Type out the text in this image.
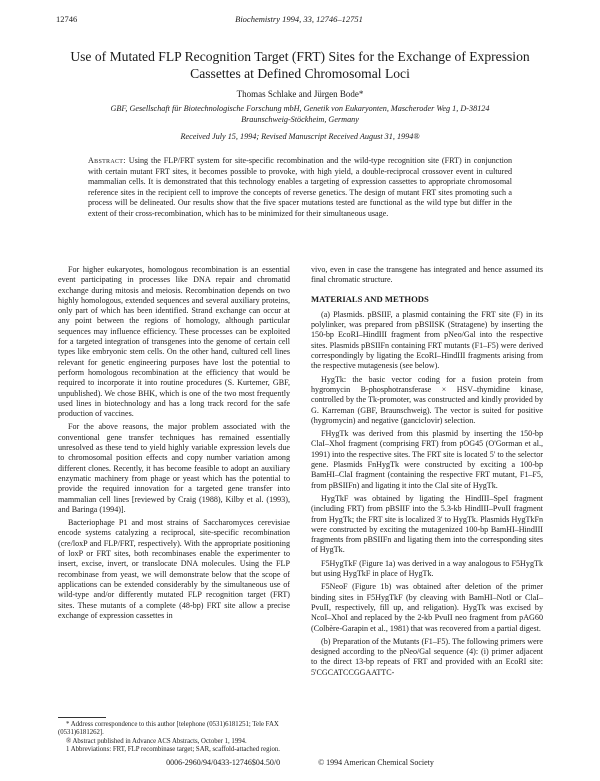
12746	Biochemistry 1994, 33, 12746–12751
Use of Mutated FLP Recognition Target (FRT) Sites for the Exchange of Expression Cassettes at Defined Chromosomal Loci
Thomas Schlake and Jürgen Bode*
GBF, Gesellschaft für Biotechnologische Forschung mbH, Genetik von Eukaryonten, Mascheroder Weg 1, D-38124 Braunschweig-Stöckheim, Germany
Received July 15, 1994; Revised Manuscript Received August 31, 1994®
Abstract: Using the FLP/FRT system for site-specific recombination and the wild-type recognition site (FRT) in conjunction with certain mutant FRT sites, it becomes possible to provoke, with high yield, a double-reciprocal crossover event in cultured mammalian cells. It is demonstrated that this technology enables a targeting of expression cassettes to appropriate chromosomal reference sites in the recipient cell to improve the concepts of reverse genetics. The design of mutant FRT sites promoting such a process will be delineated. Our results show that the five spacer mutations tested are functional as the wild type but differ in the extent of their cross-recombination, which has to be minimized for their simultaneous usage.

For higher eukaryotes, homologous recombination is an essential event participating in processes like DNA repair and chromatid exchange during mitosis and meiosis. Recombination depends on two highly homologous, extended sequences and several auxiliary proteins, only part of which has been identified. Strand exchange can occur at any point between the regions of homology, although particular sequences may influence efficiency. These processes can be exploited for a targeted integration of transgenes into the genome of certain cell types like embryonic stem cells. On the other hand, cultured cell lines relevant for genetic engineering purposes have lost the potential to perform homologous recombination at the efficiency that would be required to incorporate it into routine procedures (S. Kurtemer, GBF, unpublished). We chose BHK, which is one of the two most frequently used lines in biotechnology and has a long track record for the safe production of vaccines.

For the above reasons, the major problem associated with the conventional gene transfer techniques has remained essentially unresolved as these tend to yield highly variable expression levels due to chromosomal position effects and copy number variation among different clones. Recently, it has become feasible to adopt an auxiliary enzymatic machinery from phage or yeast which has the potential to provide the required innovation for a targeted gene transfer into mammalian cell lines [reviewed by Craig (1988), Kilby et al. (1993), and Baringa (1994)].

Bacteriophage P1 and most strains of Saccharomyces cerevisiae encode systems catalyzing a reciprocal, site-specific recombination (cre/loxP and FLP/FRT, respectively). With the appropriate positioning of loxP or FRT sites, both recombinases enable the experimenter to insert, excise, invert, or translocate DNA molecules. Using the FLP recombinase from yeast, we will demonstrate below that the scope of applications can be extended considerably by the simultaneous use of wild-type and/or differently mutated FLP recognition target (FRT) sites. These mutants of a complete (48-bp) FRT site allow a precise exchange of expression cassettes in

vivo, even in case the transgene has integrated and hence assumed its final chromatic structure.

MATERIALS AND METHODS

(a) Plasmids. pBSIIF, a plasmid containing the FRT site (F) in its polylinker, was prepared from pBSIISK (Stratagene) by inserting the 150-bp EcoRI–HindIII fragment from pNeo/Gal into the respective sites. Plasmids pBSIIFn containing FRT mutants (F1–F5) were derived correspondingly by ligating the EcoRI–HindIII fragments arising from the respective mutagenesis (see below).

HygTk: the basic vector coding for a fusion protein from hygromycin B-phosphotransferase × HSV–thymidine kinase, controlled by the Tk-promoter, was constructed and kindly provided by G. Karreman (GBF, Braunschweig). The vector is suited for positive (hygromycin) and negative (ganciclovir) selection.

FHygTk was derived from this plasmid by inserting the 150-bp ClaI–XhoI fragment (comprising FRT) from pOG45 (O'Gorman et al., 1991) into the respective sites. The FRT site is located 5' to the selector gene. Plasmids FnHygTk were constructed by exciting a 100-bp BamHI–ClaI fragment (containing the respective FRT mutant, F1–F5, from pBSIIFn) and ligating it into the ClaI site of HygTk.

HygTkF was obtained by ligating the HindIII–SpeI fragment (including FRT) from pBSIIF into the 5.3-kb HindIII–PvuII fragment from HygTk; the FRT site is localized 3' to HygTk. Plasmids HygTkFn were constructed by exciting the mutagenized 100-bp BamHI–HindIII fragments from pBSIIFn and ligating them into the corresponding sites of HygTk.

F5HygTkF (Figure 1a) was derived in a way analogous to F5HygTk but using HygTkF in place of HygTk.

F5NeoF (Figure 1b) was obtained after deletion of the primer binding sites in F5HygTkF (by cleaving with BamHI–NotI or ClaI–PvuII, respectively, fill up, and religation). HygTk was excised by NcoI–XhoI and replaced by the 2-kb PvuII neo fragment from pAG60 (Colbère-Garapin et al., 1981) that was recovered from a partial digest.

(b) Preparation of the Mutants (F1–F5). The following primers were designed according to the pNeo/Gal sequence (4): (i) primer adjacent to the direct 13-bp repeats of FRT and provided with an EcoRI site: 5'CGCATCCGGAATTC-

* Address correspondence to this author [telephone (0531)6181251; Tele FAX (0531)6181262].

® Abstract published in Advance ACS Abstracts, October 1, 1994.

1 Abbreviations: FRT, FLP recombinase target; SAR, scaffold-attached region.

0006-2960/94/0433-12746$04.50/0	© 1994 American Chemical Society
